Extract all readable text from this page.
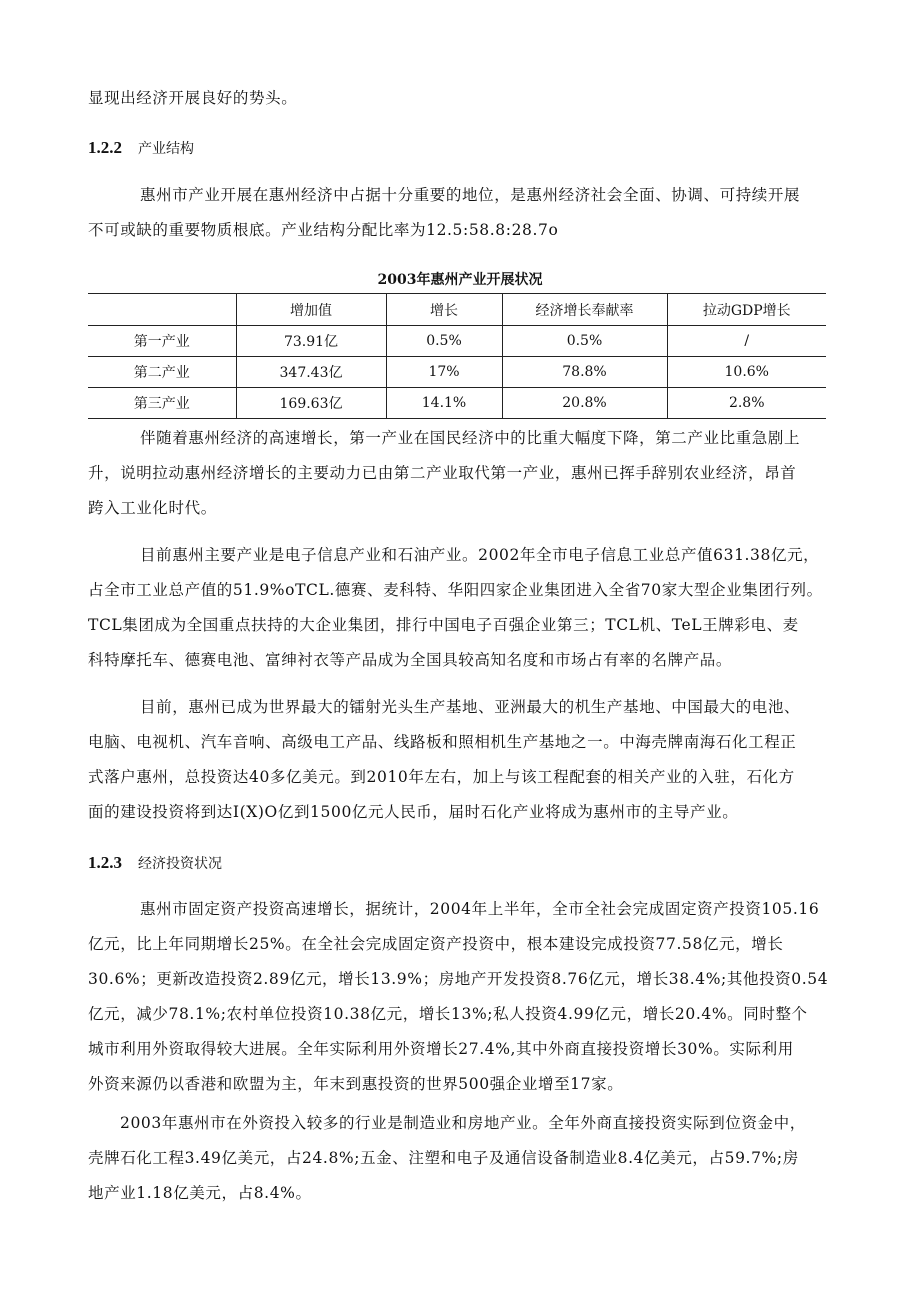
显现出经济开展良好的势头。
1.2.2 产业结构
惠州市产业开展在惠州经济中占据十分重要的地位，是惠州经济社会全面、协调、可持续开展
不可或缺的重要物质根底。产业结构分配比率为12.5:58.8:28.7o
2003年惠州产业开展状况
	增加值	增长	经济增长奉献率	拉动GDP增长
第一产业	73.91亿	0.5%	0.5%	/
第二产业	347.43亿	17%	78.8%	10.6%
第三产业	169.63亿	14.1%	20.8%	2.8%
伴随着惠州经济的高速增长，第一产业在国民经济中的比重大幅度下降，第二产业比重急剧上
升，说明拉动惠州经济增长的主要动力已由第二产业取代第一产业，惠州已挥手辞别农业经济，昂首
跨入工业化时代。
目前惠州主要产业是电子信息产业和石油产业。2002年全市电子信息工业总产值631.38亿元，
占全市工业总产值的51.9%oTCL.德赛、麦科特、华阳四家企业集团进入全省70家大型企业集团行列。
TCL集团成为全国重点扶持的大企业集团，排行中国电子百强企业第三；TCL机、TeL王牌彩电、麦
科特摩托车、德赛电池、富绅衬衣等产品成为全国具较高知名度和市场占有率的名牌产品。
目前，惠州已成为世界最大的镭射光头生产基地、亚洲最大的机生产基地、中国最大的电池、
电脑、电视机、汽车音响、高级电工产品、线路板和照相机生产基地之一。中海壳牌南海石化工程正
式落户惠州，总投资达40多亿美元。到2010年左右，加上与该工程配套的相关产业的入驻，石化方
面的建设投资将到达I(X)O亿到1500亿元人民币，届时石化产业将成为惠州市的主导产业。
1.2.3 经济投资状况
惠州市固定资产投资高速增长，据统计，2004年上半年，全市全社会完成固定资产投资105.16
亿元，比上年同期增长25%。在全社会完成固定资产投资中，根本建设完成投资77.58亿元，增长
30.6%；更新改造投资2.89亿元，增长13.9%；房地产开发投资8.76亿元，增长38.4%;其他投资0.54
亿元，减少78.1%;农村单位投资10.38亿元，增长13%;私人投资4.99亿元，增长20.4%。同时整个
城市利用外资取得较大进展。全年实际利用外资增长27.4%,其中外商直接投资增长30%。实际利用
外资来源仍以香港和欧盟为主，年末到惠投资的世界500强企业增至17家。
2003年惠州市在外资投入较多的行业是制造业和房地产业。全年外商直接投资实际到位资金中，
壳牌石化工程3.49亿美元，占24.8%;五金、注塑和电子及通信设备制造业8.4亿美元，占59.7%;房
地产业1.18亿美元，占8.4%。
